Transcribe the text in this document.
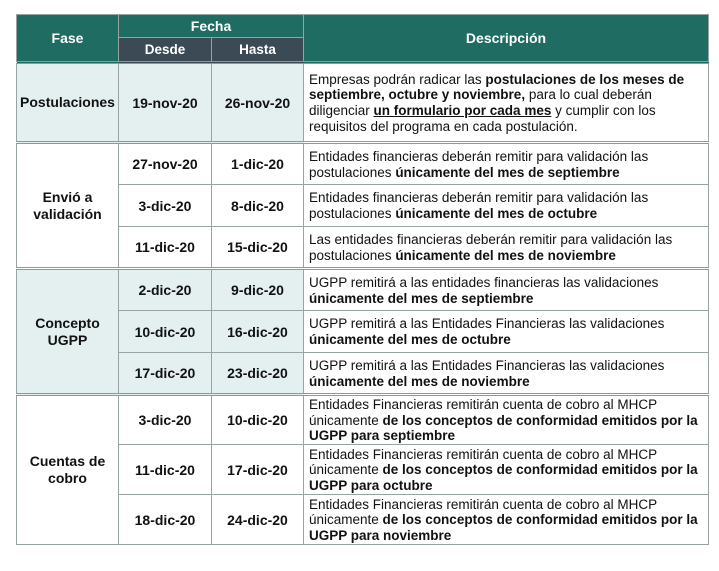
Fase	Fecha		Descripción
	Desde	Hasta	
Postulaciones	19-nov-20	26-nov-20	Empresas podrán radicar las postulaciones de los meses de septiembre, octubre y noviembre, para lo cual deberán diligenciar un formulario por cada mes y cumplir con los requisitos del programa en cada postulación.
Envió a validación	27-nov-20	1-dic-20	Entidades financieras deberán remitir para validación las postulaciones únicamente del mes de septiembre
	3-dic-20	8-dic-20	Entidades financieras deberán remitir para validación las postulaciones únicamente del mes de octubre
	11-dic-20	15-dic-20	Las entidades financieras deberán remitir para validación las postulaciones únicamente del mes de noviembre
Concepto UGPP	2-dic-20	9-dic-20	UGPP remitirá a las entidades financieras las validaciones únicamente del mes de septiembre
	10-dic-20	16-dic-20	UGPP remitirá a las Entidades Financieras las validaciones únicamente del mes de octubre
	17-dic-20	23-dic-20	UGPP remitirá a las Entidades Financieras las validaciones únicamente del mes de noviembre
Cuentas de cobro	3-dic-20	10-dic-20	Entidades Financieras remitirán cuenta de cobro al MHCP únicamente de los conceptos de conformidad emitidos por la UGPP para septiembre
	11-dic-20	17-dic-20	Entidades Financieras remitirán cuenta de cobro al MHCP únicamente de los conceptos de conformidad emitidos por la UGPP para octubre
	18-dic-20	24-dic-20	Entidades Financieras remitirán cuenta de cobro al MHCP únicamente de los conceptos de conformidad emitidos por la UGPP para noviembre
